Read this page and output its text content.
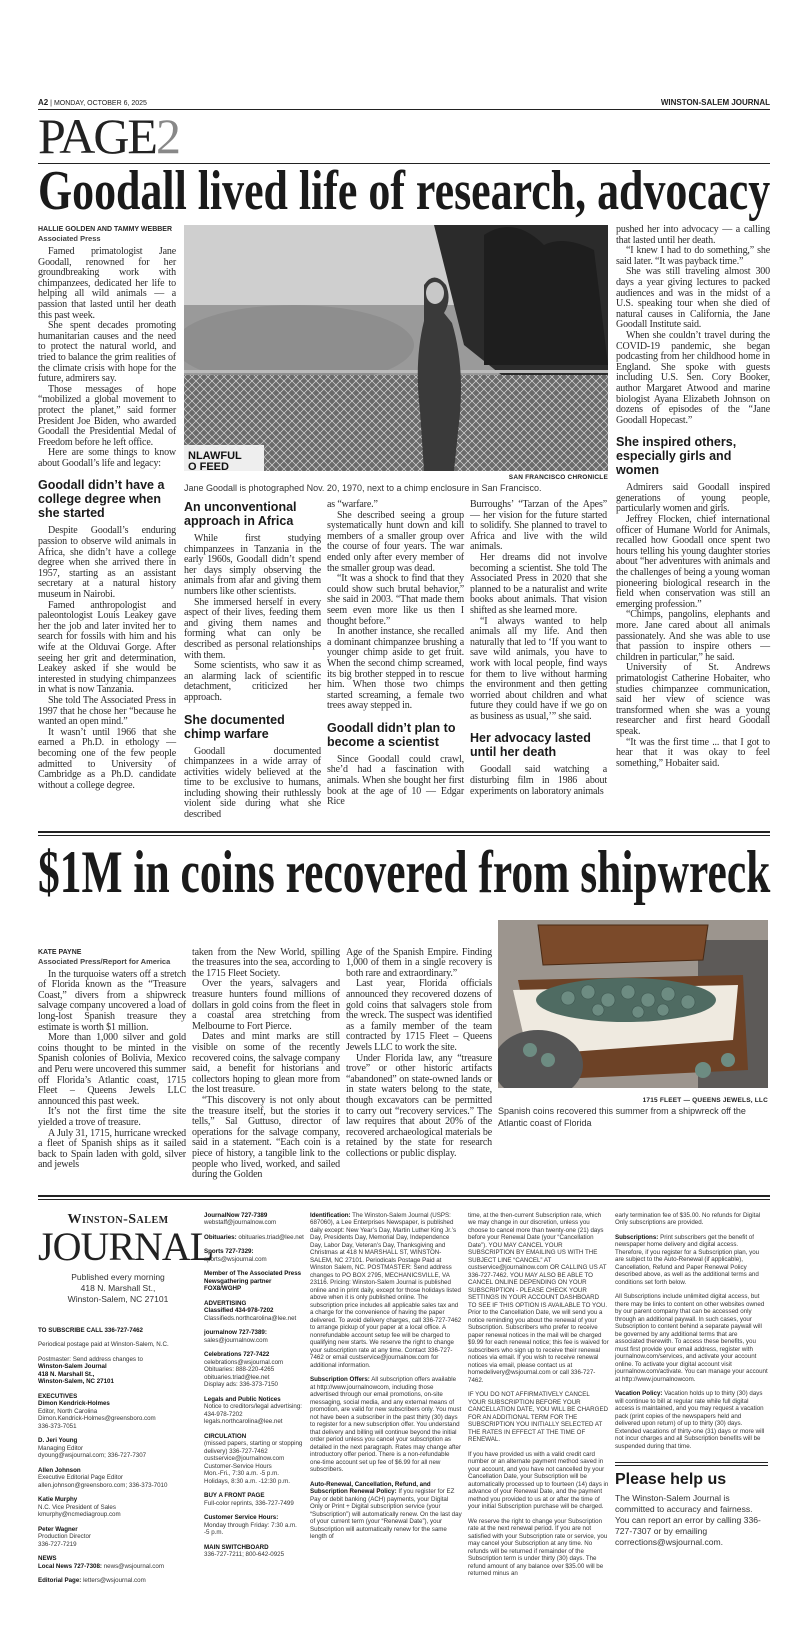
A2 | MONDAY, OCTOBER 6, 2025	WINSTON-SALEM JOURNAL
PAGE2
Goodall lived life of research, advocacy
HALLIE GOLDEN AND TAMMY WEBBER
Associated Press

Famed primatologist Jane Goodall, renowned for her groundbreaking work with chimpanzees, dedicated her life to helping all wild animals — a passion that lasted until her death this past week.

She spent decades promoting humanitarian causes and the need to protect the natural world, and tried to balance the grim realities of the climate crisis with hope for the future, admirers say.

Those messages of hope “mobilized a global movement to protect the planet,” said former President Joe Biden, who awarded Goodall the Presidential Medal of Freedom before he left office.

Here are some things to know about Goodall’s life and legacy:

Goodall didn’t have a college degree when she started

Despite Goodall’s enduring passion to observe wild animals in Africa, she didn’t have a college degree when she arrived there in 1957, starting as an assistant secretary at a natural history museum in Nairobi.

Famed anthropologist and paleontologist Louis Leakey gave her the job and later invited her to search for fossils with him and his wife at the Olduvai Gorge. After seeing her grit and determination, Leakey asked if she would be interested in studying chimpanzees in what is now Tanzania.

She told The Associated Press in 1997 that he chose her “because he wanted an open mind.”

It wasn’t until 1966 that she earned a Ph.D. in ethology — becoming one of the few people admitted to University of Cambridge as a Ph.D. candidate without a college degree.

NLAWFUL
O FEED
SAN FRANCISCO CHRONICLE
Jane Goodall is photographed Nov. 20, 1970, next to a chimp enclosure in San Francisco.
An unconventional approach in Africa

While first studying chimpanzees in Tanzania in the early 1960s, Goodall didn’t spend her days simply observing the animals from afar and giving them numbers like other scientists.

She immersed herself in every aspect of their lives, feeding them and giving them names and forming what can only be described as personal relationships with them.

Some scientists, who saw it as an alarming lack of scientific detachment, criticized her approach.

She documented chimp warfare

Goodall documented chimpanzees in a wide array of activities widely believed at the time to be exclusive to humans, including showing their ruthlessly violent side during what she described

as “warfare.”

She described seeing a group systematically hunt down and kill members of a smaller group over the course of four years. The war ended only after every member of the smaller group was dead.

“It was a shock to find that they could show such brutal behavior,” she said in 2003. “That made them seem even more like us then I thought before.”

In another instance, she recalled a dominant chimpanzee brushing a younger chimp aside to get fruit. When the second chimp screamed, its big brother stepped in to rescue him. When those two chimps started screaming, a female two trees away stepped in.

Goodall didn’t plan to become a scientist

Since Goodall could crawl, she’d had a fascination with animals. When she bought her first book at the age of 10 — Edgar Rice

Burroughs’ “Tarzan of the Apes” — her vision for the future started to solidify. She planned to travel to Africa and live with the wild animals.

Her dreams did not involve becoming a scientist. She told The Associated Press in 2020 that she planned to be a naturalist and write books about animals. That vision shifted as she learned more.

“I always wanted to help animals all my life. And then naturally that led to ‘If you want to save wild animals, you have to work with local people, find ways for them to live without harming the environment and then getting worried about children and what future they could have if we go on as business as usual,’” she said.

Her advocacy lasted until her death

Goodall said watching a disturbing film in 1986 about experiments on laboratory animals

pushed her into advocacy — a calling that lasted until her death.

“I knew I had to do something,” she said later. “It was payback time.”

She was still traveling almost 300 days a year giving lectures to packed audiences and was in the midst of a U.S. speaking tour when she died of natural causes in California, the Jane Goodall Institute said.

When she couldn’t travel during the COVID-19 pandemic, she began podcasting from her childhood home in England. She spoke with guests including U.S. Sen. Cory Booker, author Margaret Atwood and marine biologist Ayana Elizabeth Johnson on dozens of episodes of the “Jane Goodall Hopecast.”

She inspired others, especially girls and women

Admirers said Goodall inspired generations of young people, particularly women and girls.

Jeffrey Flocken, chief international officer of Humane World for Animals, recalled how Goodall once spent two hours telling his young daughter stories about “her adventures with animals and the challenges of being a young woman pioneering biological research in the field when conservation was still an emerging profession.”

“Chimps, pangolins, elephants and more. Jane cared about all animals passionately. And she was able to use that passion to inspire others — children in particular,” he said.

University of St. Andrews primatologist Catherine Hobaiter, who studies chimpanzee communication, said her view of science was transformed when she was a young researcher and first heard Goodall speak.

“It was the first time ... that I got to hear that it was okay to feel something,” Hobaiter said.

$1M in coins recovered from shipwreck
KATE PAYNE
Associated Press/Report for America

In the turquoise waters off a stretch of Florida known as the “Treasure Coast,” divers from a shipwreck salvage company uncovered a load of long-lost Spanish treasure they estimate is worth $1 million.

More than 1,000 silver and gold coins thought to be minted in the Spanish colonies of Bolivia, Mexico and Peru were uncovered this summer off Florida’s Atlantic coast, 1715 Fleet – Queens Jewels LLC announced this past week.

It’s not the first time the site yielded a trove of treasure.

A July 31, 1715, hurricane wrecked a fleet of Spanish ships as it sailed back to Spain laden with gold, silver and jewels

taken from the New World, spilling the treasures into the sea, according to the 1715 Fleet Society.

Over the years, salvagers and treasure hunters found millions of dollars in gold coins from the fleet in a coastal area stretching from Melbourne to Fort Pierce.

Dates and mint marks are still visible on some of the recently recovered coins, the salvage company said, a benefit for historians and collectors hoping to glean more from the lost treasure.

“This discovery is not only about the treasure itself, but the stories it tells,” Sal Guttuso, director of operations for the salvage company, said in a statement. “Each coin is a piece of history, a tangible link to the people who lived, worked, and sailed during the Golden

Age of the Spanish Empire. Finding 1,000 of them in a single recovery is both rare and extraordinary.”

Last year, Florida officials announced they recovered dozens of gold coins that salvagers stole from the wreck. The suspect was identified as a family member of the team contracted by 1715 Fleet – Queens Jewels LLC to work the site.

Under Florida law, any “treasure trove” or other historic artifacts “abandoned” on state-owned lands or in state waters belong to the state, though excavators can be permitted to carry out “recovery services.” The law requires that about 20% of the recovered archaeological materials be retained by the state for research collections or public display.

1715 FLEET — QUEENS JEWELS, LLC
Spanish coins recovered this summer from a shipwreck off the Atlantic coast of Florida
Winston-Salem
JOURNAL
Published every morning
418 N. Marshall St.,
Winston-Salem, NC 27101
TO SUBSCRIBE CALL 336-727-7462
Periodical postage paid at Winston-Salem, N.C.
Postmaster: Send address changes to
Winston-Salem Journal
418 N. Marshall St.,
Winston-Salem, NC 27101
EXECUTIVES
Dimon Kendrick-Holmes
Editor, North Carolina
Dimon.Kendrick-Holmes@greensboro.com
336-373-7051
D. Jeri Young
Managing Editor
dyoung@wsjournal.com; 336-727-7307
Allen Johnson
Executive Editorial Page Editor
allen.johnson@greensboro.com; 336-373-7010
Katie Murphy
N.C. Vice President of Sales
kmurphy@ncmediagroup.com
Peter Wagner
Production Director
336-727-7219
NEWS
Local News 727-7308: news@wsjournal.com
Editorial Page: letters@wsjournal.com
JournalNow 727-7389
webstaff@journalnow.com
Obituaries: obituaries.triad@lee.net
Sports 727-7329: sports@wsjournal.com
Member of The Associated Press
Newsgathering partner FOX8/WGHP
ADVERTISING
Classified 434-978-7202
Classifieds.northcarolina@lee.net
journalnow 727-7389: sales@journalnow.com
Celebrations 727-7422
celebrations@wsjournal.com
Obituaries: 888-220-4265
obituaries.triad@lee.net
Display ads: 336-373-7150
Legals and Public Notices
Notice to creditors/legal advertising: 434-978-7202
legals.northcarolina@lee.net
CIRCULATION
(missed papers, starting or stopping delivery) 336-727-7462
custservice@journalnow.com
Customer-Service Hours
Mon.-Fri., 7:30 a.m. -5 p.m.
Holidays, 8:30 a.m. -12:30 p.m.
BUY A FRONT PAGE
Full-color reprints, 336-727-7499
Customer Service Hours:
Monday through Friday: 7:30 a.m. -5 p.m.
MAIN SWITCHBOARD
336-727-7211; 800-642-0925

Identification: The Winston-Salem Journal (USPS: 687060), a Lee Enterprises Newspaper, is published daily except: New Year’s Day, Martin Luther King Jr.’s Day, Presidents Day, Memorial Day, Independence Day, Labor Day, Veteran’s Day, Thanksgiving and Christmas at 418 N MARSHALL ST, WINSTON-SALEM, NC 27101. Periodicals Postage Paid at Winston Salem, NC. POSTMASTER: Send address changes to PO BOX 2795, MECHANICSVILLE, VA 23116. Pricing: Winston-Salem Journal is published online and in print daily, except for those holidays listed above when it is only published online. The subscription price includes all applicable sales tax and a charge for the convenience of having the paper delivered. To avoid delivery charges, call 336-727-7462 to arrange pickup of your paper at a local office. A nonrefundable account setup fee will be charged to qualifying new starts. We reserve the right to change your subscription rate at any time. Contact 336-727-7462 or email custservice@journalnow.com for additional information.

Subscription Offers: All subscription offers available at http://www.journalnowcom, including those advertised through our email promotions, on-site messaging, social media, and any external means of promotion, are valid for new subscribers only. You must not have been a subscriber in the past thirty (30) days to register for a new subscription offer. You understand that delivery and billing will continue beyond the initial order period unless you cancel your subscription as detailed in the next paragraph. Rates may change after introductory offer period. There is a non-refundable one-time account set up fee of $6.99 for all new subscribers.

Auto-Renewal, Cancellation, Refund, and Subscription Renewal Policy: If you register for EZ Pay or debit banking (ACH) payments, your Digital Only or Print + Digital subscription service (your “Subscription”) will automatically renew. On the last day of your current term (your “Renewal Date”), your Subscription will automatically renew for the same length of

time, at the then-current Subscription rate, which we may change in our discretion, unless you choose to cancel more than twenty-one (21) days before your Renewal Date (your “Cancellation Date”). YOU MAY CANCEL YOUR SUBSCRIPTION BY EMAILING US WITH THE SUBJECT LINE “CANCEL” AT custservice@journalnow.com OR CALLING US AT 336-727-7462. YOU MAY ALSO BE ABLE TO CANCEL ONLINE DEPENDING ON YOUR SUBSCRIPTION - PLEASE CHECK YOUR SETTINGS IN YOUR ACCOUNT DASHBOARD TO SEE IF THIS OPTION IS AVAILABLE TO YOU. Prior to the Cancellation Date, we will send you a notice reminding you about the renewal of your Subscription. Subscribers who prefer to receive paper renewal notices in the mail will be charged $9.99 for each renewal notice; this fee is waived for subscribers who sign up to receive their renewal notices via email. If you wish to receive renewal notices via email, please contact us at homedelivery@wsjournal.com or call 336-727-7462.

IF YOU DO NOT AFFIRMATIVELY CANCEL YOUR SUBSCRIPTION BEFORE YOUR CANCELLATION DATE, YOU WILL BE CHARGED FOR AN ADDITIONAL TERM FOR THE SUBSCRIPTION YOU INITIALLY SELECTED AT THE RATES IN EFFECT AT THE TIME OF RENEWAL.

If you have provided us with a valid credit card number or an alternate payment method saved in your account, and you have not cancelled by your Cancellation Date, your Subscription will be automatically processed up to fourteen (14) days in advance of your Renewal Date, and the payment method you provided to us at or after the time of your initial Subscription purchase will be charged.

We reserve the right to change your Subscription rate at the next renewal period. If you are not satisfied with your Subscription rate or service, you may cancel your Subscription at any time. No refunds will be returned if remainder of the Subscription term is under thirty (30) days. The refund amount of any balance over $35.00 will be returned minus an

early termination fee of $35.00. No refunds for Digital Only subscriptions are provided.

Subscriptions: Print subscribers get the benefit of newspaper home delivery and digital access. Therefore, if you register for a Subscription plan, you are subject to the Auto-Renewal (if applicable), Cancellation, Refund and Paper Renewal Policy described above, as well as the additional terms and conditions set forth below.

All Subscriptions include unlimited digital access, but there may be links to content on other websites owned by our parent company that can be accessed only through an additional paywall. In such cases, your Subscription to content behind a separate paywall will be governed by any additional terms that are associated therewith. To access these benefits, you must first provide your email address, register with journalnow.com/services, and activate your account online. To activate your digital account visit journalnow.com/activate. You can manage your account at http://www.journalnowcom.

Vacation Policy: Vacation holds up to thirty (30) days will continue to bill at regular rate while full digital access is maintained, and you may request a vacation pack (print copies of the newspapers held and delivered upon return) of up to thirty (30) days. Extended vacations of thirty-one (31) days or more will not incur charges and all Subscription benefits will be suspended during that time.

Please help us
The Winston-Salem Journal is committed to accuracy and fairness. You can report an error by calling 336-727-7307 or by emailing corrections@wsjournal.com.
